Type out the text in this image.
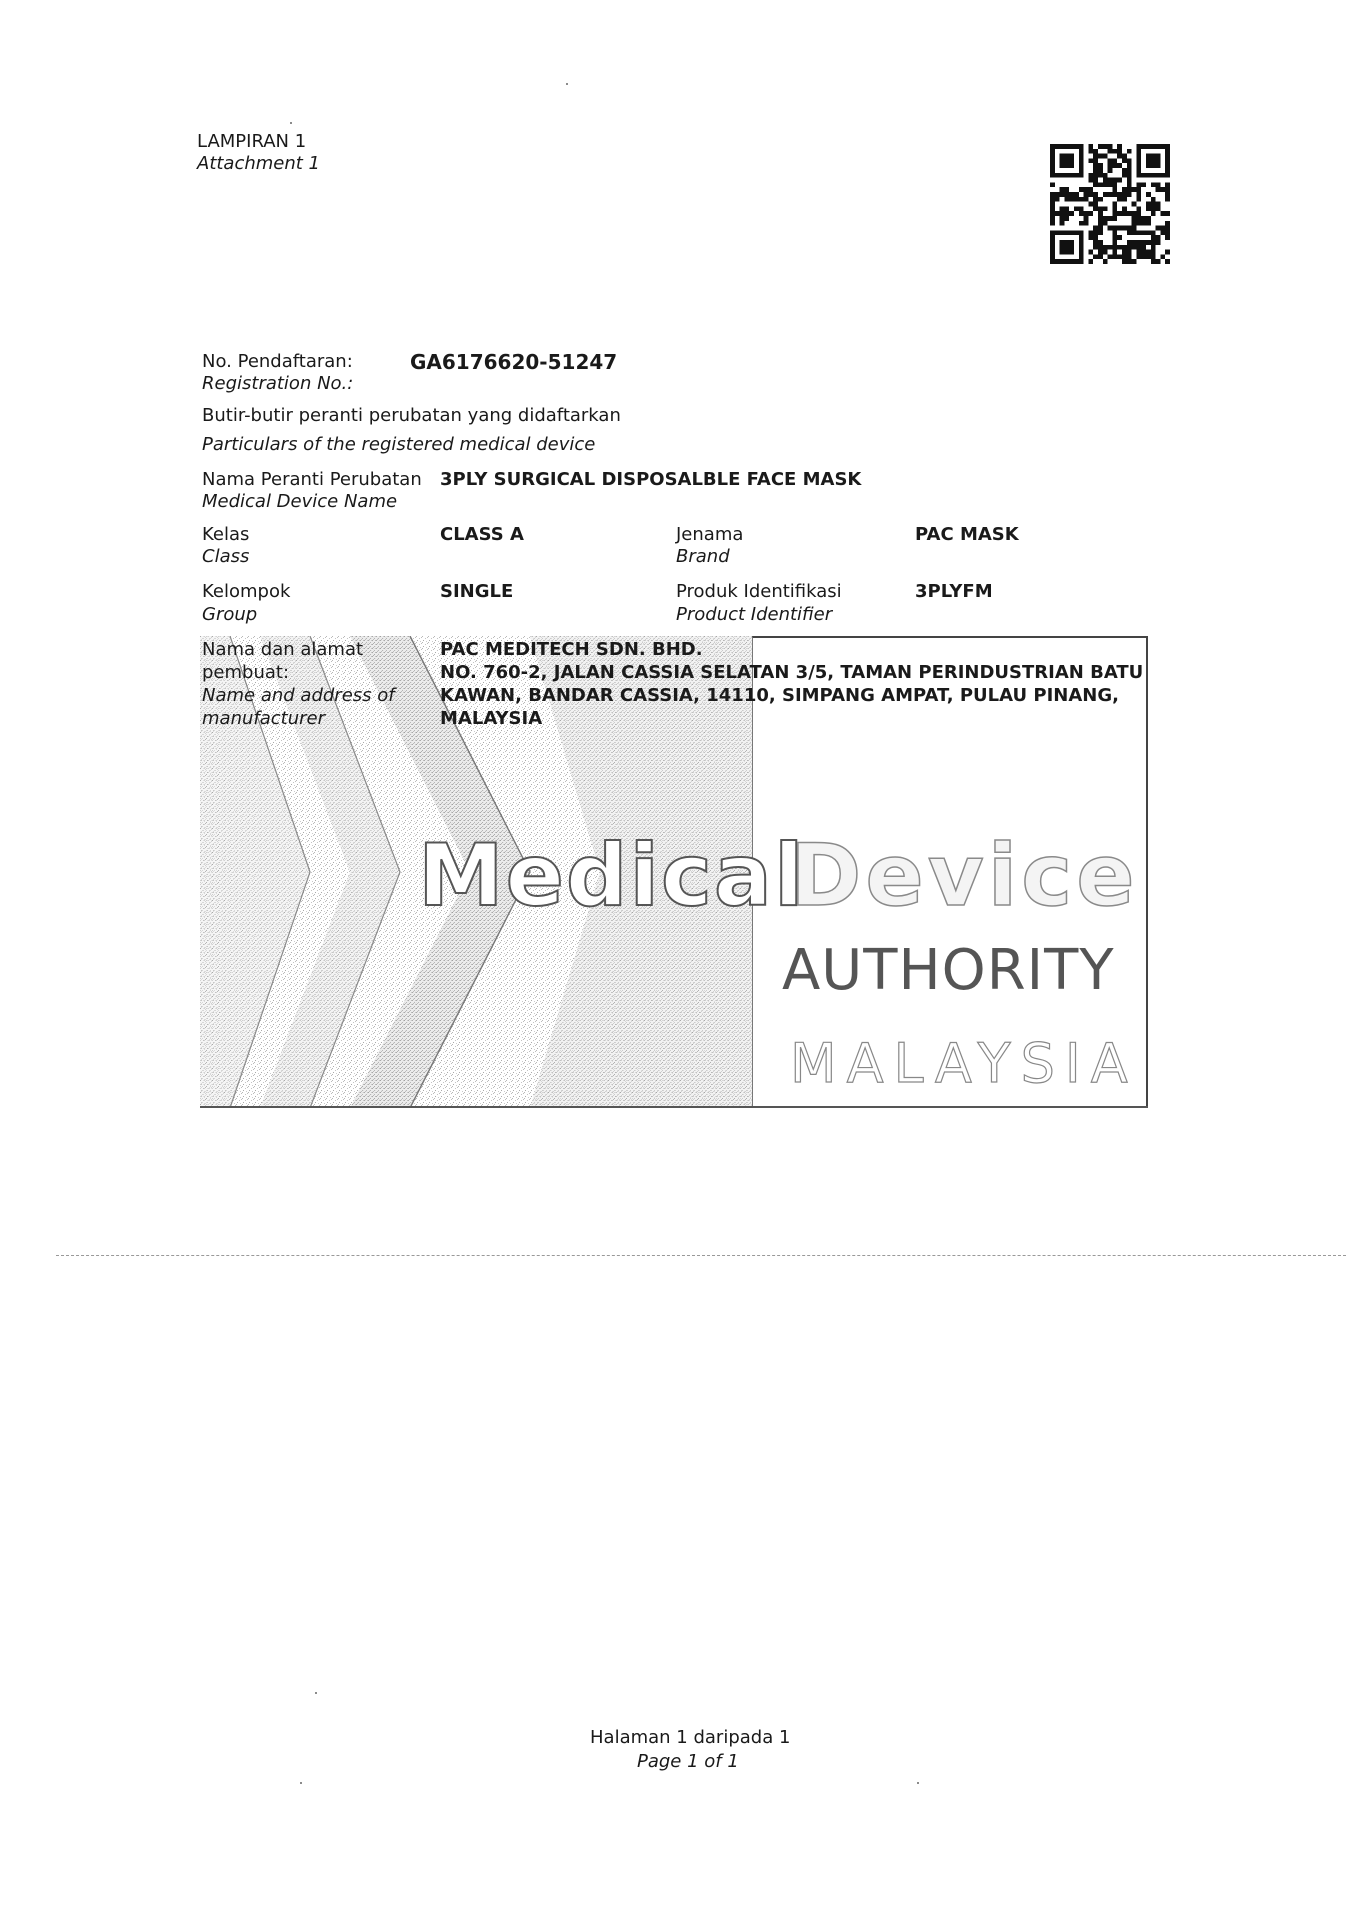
LAMPIRAN 1
Attachment 1
No. Pendaftaran:
Registration No.:
GA6176620-51247
Butir-butir peranti perubatan yang didaftarkan
Particulars of the registered medical device
Nama Peranti Perubatan
Medical Device Name
3PLY SURGICAL DISPOSALBLE FACE MASK
Kelas
Class
CLASS A	Jenama
Brand
PAC MASK
Kelompok
Group
SINGLE	Produk Identifikasi
Product Identifier
3PLYFM
Medical
Device
AUTHORITY
MALAYSIA
Nama dan alamat
pembuat:
Name and address of
manufacturer
PAC MEDITECH SDN. BHD.
NO. 760-2, JALAN CASSIA SELATAN 3/5, TAMAN PERINDUSTRIAN BATU
KAWAN, BANDAR CASSIA, 14110, SIMPANG AMPAT, PULAU PINANG,
MALAYSIA
Halaman 1 daripada 1
Page 1 of 1
